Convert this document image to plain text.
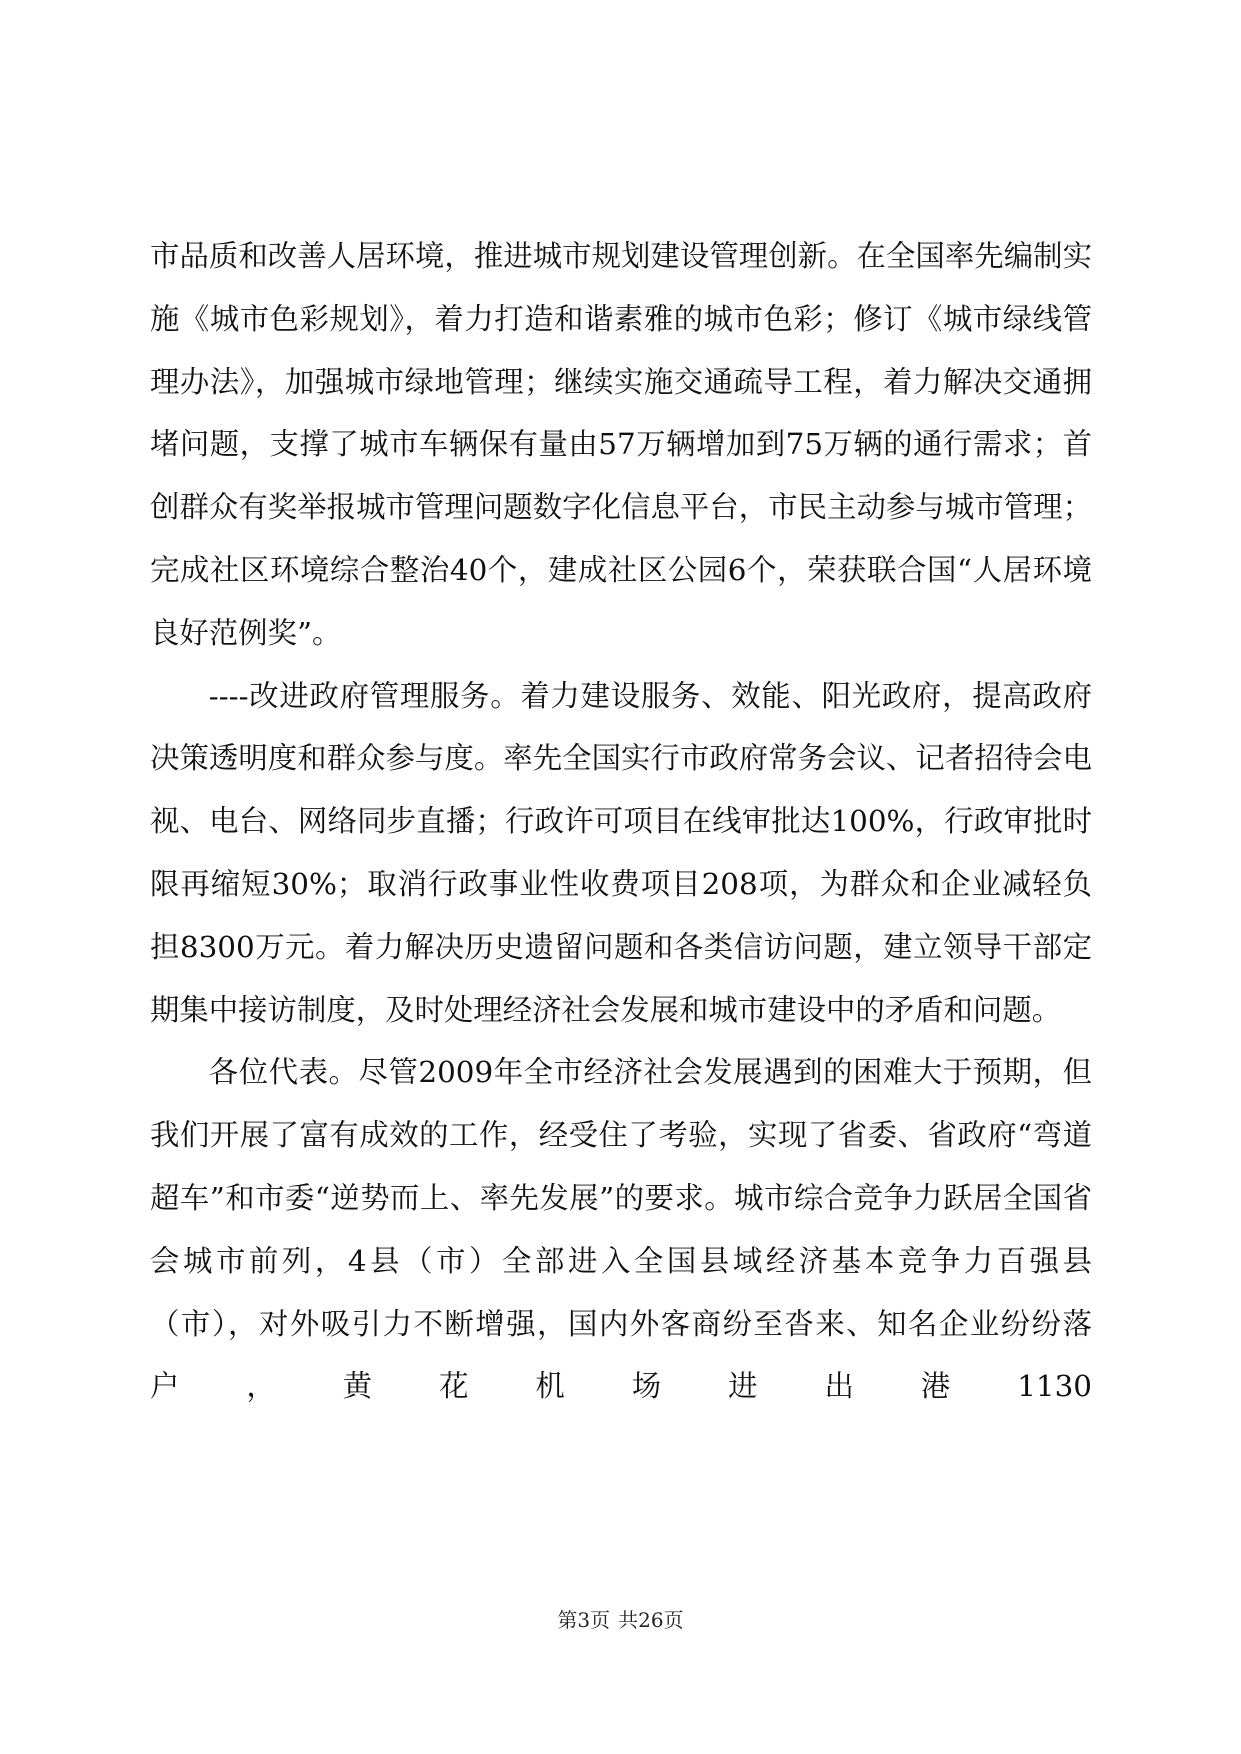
市品质和改善人居环境，推进城市规划建设管理创新。在全国率先编制实施《城市色彩规划》，着力打造和谐素雅的城市色彩；修订《城市绿线管理办法》，加强城市绿地管理；继续实施交通疏导工程，着力解决交通拥堵问题，支撑了城市车辆保有量由57万辆增加到75万辆的通行需求；首创群众有奖举报城市管理问题数字化信息平台，市民主动参与城市管理；完成社区环境综合整治40个，建成社区公园6个，荣获联合国“人居环境良好范例奖”。

----改进政府管理服务。着力建设服务、效能、阳光政府，提高政府决策透明度和群众参与度。率先全国实行市政府常务会议、记者招待会电视、电台、网络同步直播；行政许可项目在线审批达100%，行政审批时限再缩短30%；取消行政事业性收费项目208项，为群众和企业减轻负担8300万元。着力解决历史遗留问题和各类信访问题，建立领导干部定期集中接访制度，及时处理经济社会发展和城市建设中的矛盾和问题。

各位代表。尽管2009年全市经济社会发展遇到的困难大于预期，但我们开展了富有成效的工作，经受住了考验，实现了省委、省政府“弯道超车”和市委“逆势而上、率先发展”的要求。城市综合竞争力跃居全国省会城市前列，4县（市）全部进入全国县域经济基本竞争力百强县（市），对外吸引力不断增强，国内外客商纷至沓来、知名企业纷纷落户，黄花机场进出港1130

第3页 共26页
